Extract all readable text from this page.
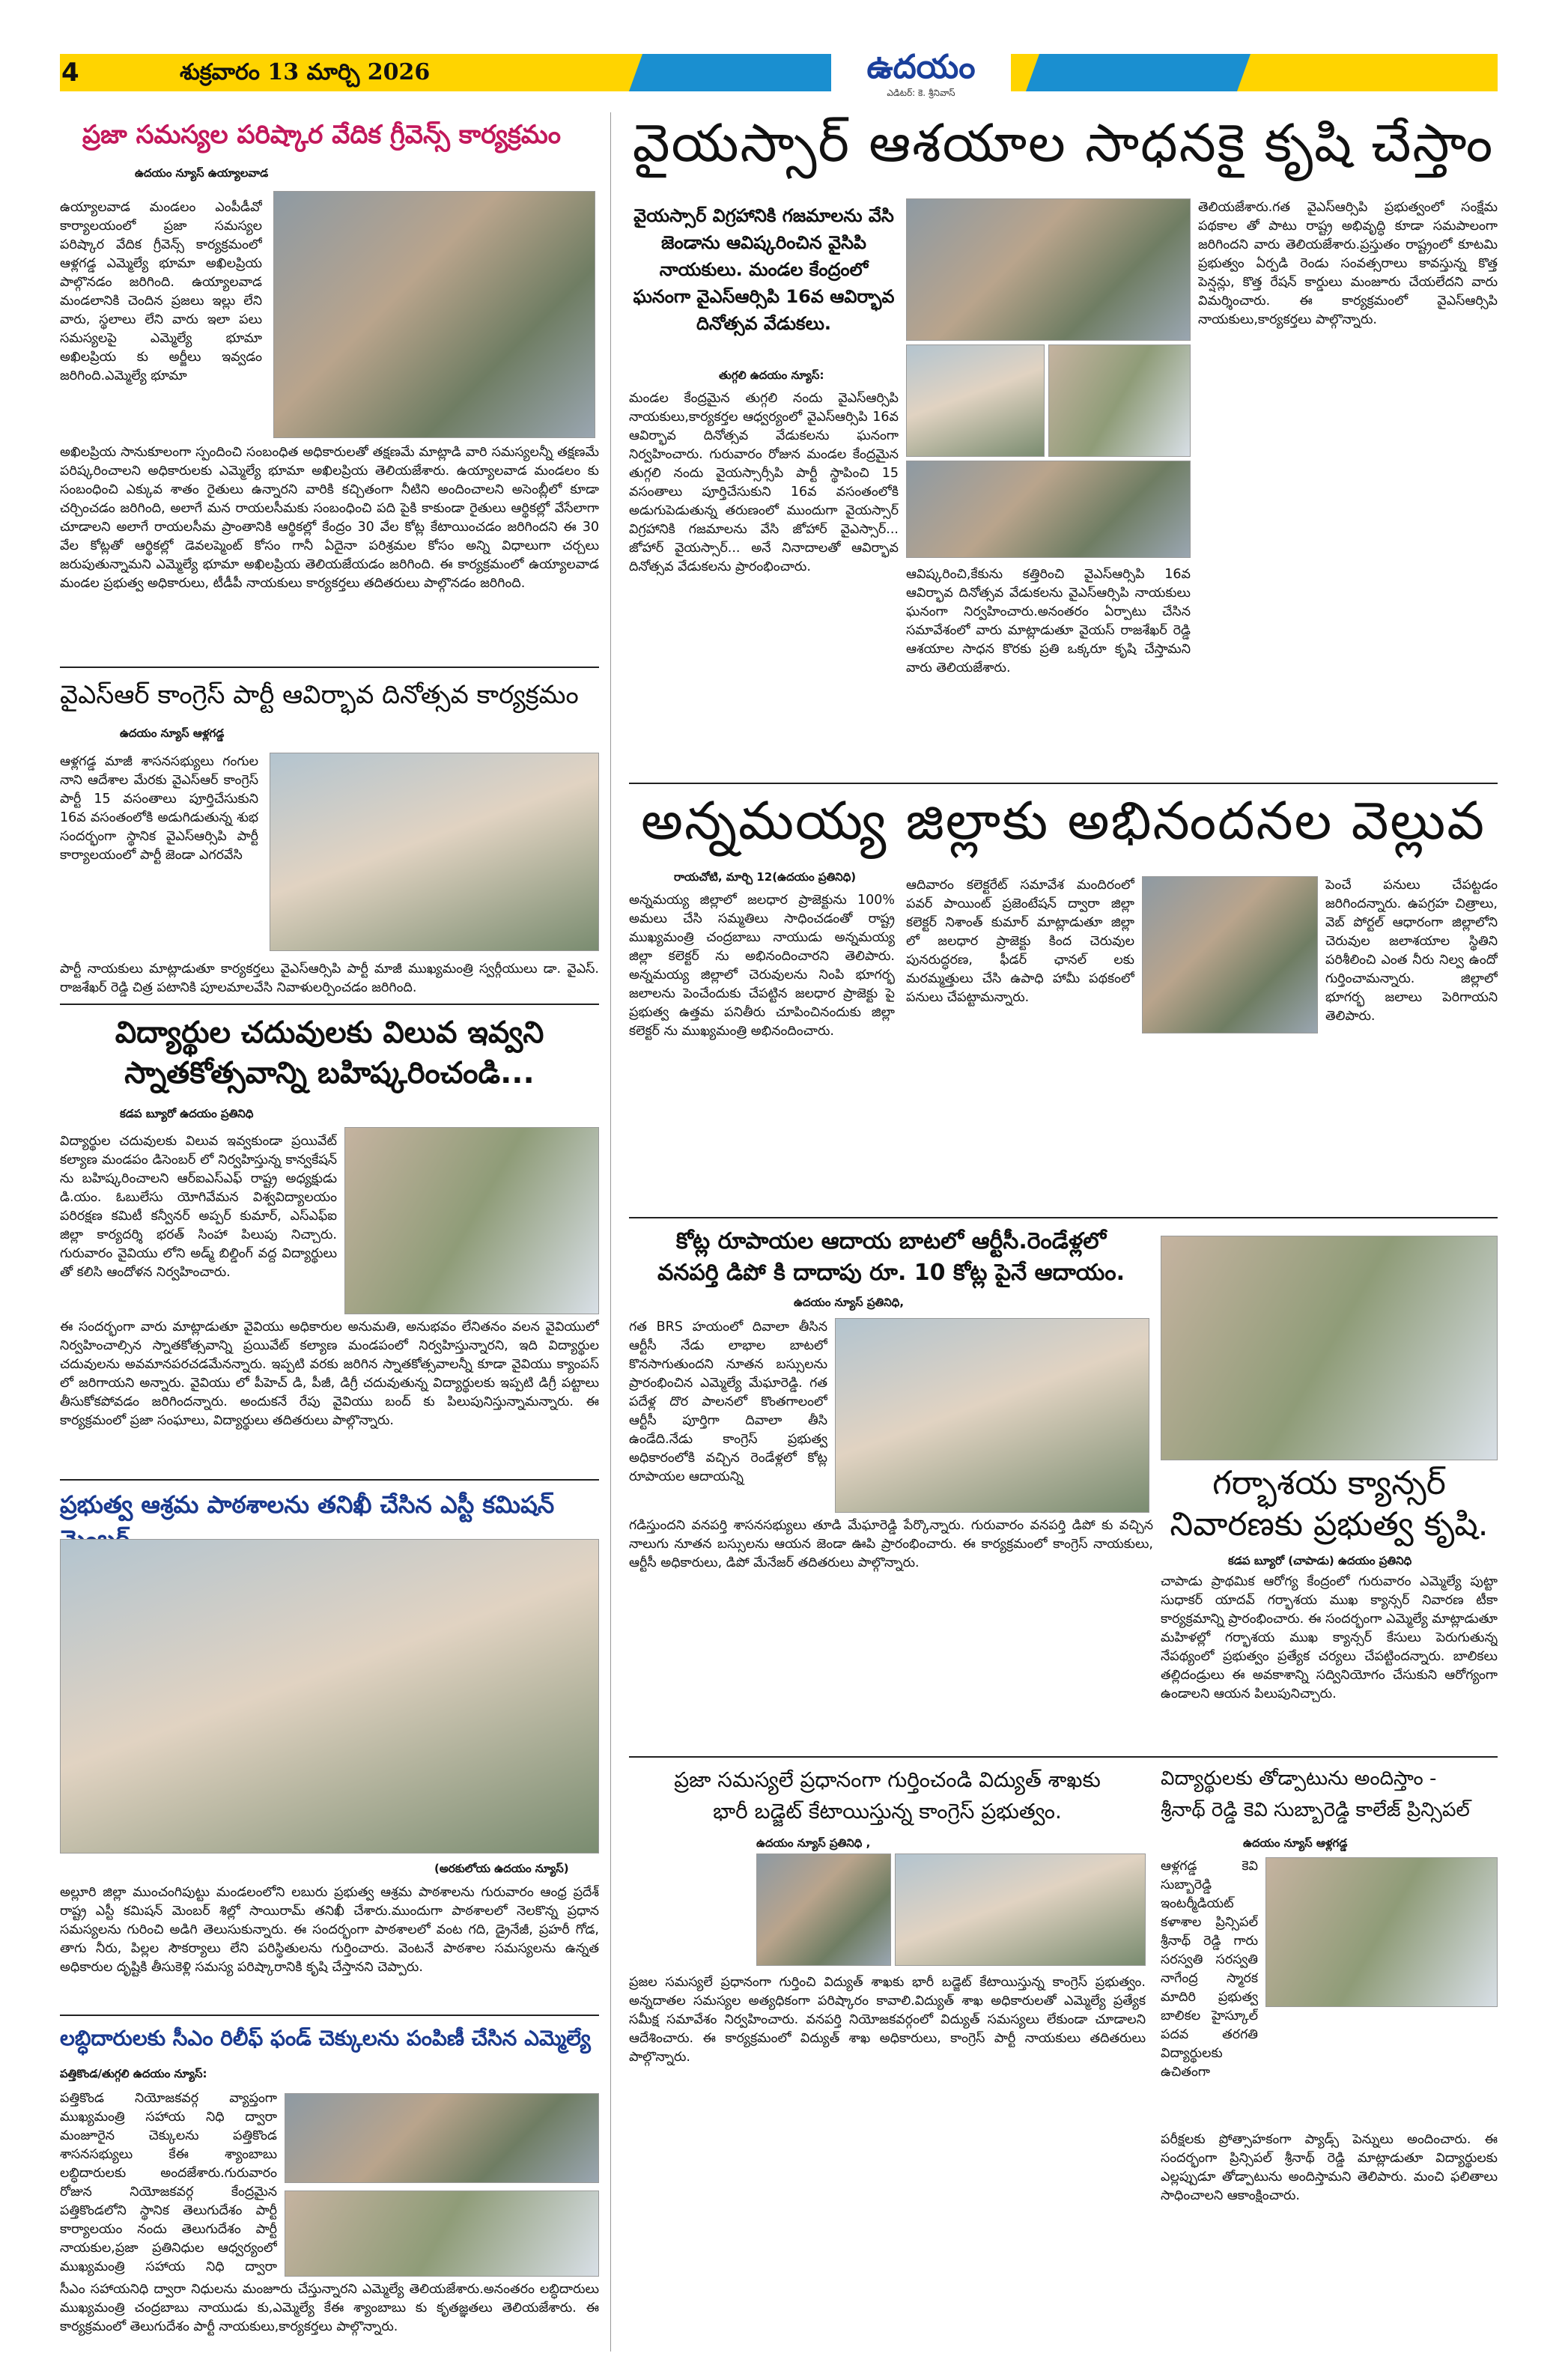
4	శుక్రవారం 13 మార్చి 2026	ఉదయం
ఎడిటర్: కె. శ్రీనివాస్
ప్రజా సమస్యల పరిష్కార వేదిక గ్రీవెన్స్ కార్యక్రమం
ఉదయం న్యూస్ ఉయ్యాలవాడ
ఉయ్యాలవాడ మండలం ఎంపీడీవో కార్యాలయంలో ప్రజా సమస్యల పరిష్కార వేదిక గ్రీవెన్స్ కార్యక్రమంలో ఆళ్లగడ్డ ఎమ్మెల్యే భూమా అఖిలప్రియ పాల్గొనడం జరిగింది. ఉయ్యాలవాడ మండలానికి చెందిన ప్రజలు ఇల్లు లేని వారు, స్థలాలు లేని వారు ఇలా పలు సమస్యలపై ఎమ్మెల్యే భూమా అఖిలప్రియ కు అర్జీలు ఇవ్వడం జరిగింది.ఎమ్మెల్యే భూమా
అఖిలప్రియ సానుకూలంగా స్పందించి సంబంధిత అధికారులతో తక్షణమే మాట్లాడి వారి సమస్యలన్నీ తక్షణమే పరిష్కరించాలని అధికారులకు ఎమ్మెల్యే భూమా అఖిలప్రియ తెలియజేశారు. ఉయ్యాలవాడ మండలం కు సంబంధించి ఎక్కువ శాతం రైతులు ఉన్నారని వారికి కచ్చితంగా నీటిని అందించాలని అసెంబ్లీలో కూడా చర్చించడం జరిగింది, అలాగే మన రాయలసీమకు సంబంధించి పది పైకి కాకుండా రైతులు ఆర్థికల్లో వేసేలాగా చూడాలని అలాగే రాయలసీమ ప్రాంతానికి ఆర్థికల్లో కేంద్రం 30 వేల కోట్ల కేటాయించడం జరిగిందని ఈ 30 వేల కోట్లతో ఆర్థికల్లో డెవలప్మెంట్ కోసం గానీ ఏదైనా పరిశ్రమల కోసం అన్ని విధాలుగా చర్చలు జరుపుతున్నామని ఎమ్మెల్యే భూమా అఖిలప్రియ తెలియజేయడం జరిగింది. ఈ కార్యక్రమంలో ఉయ్యాలవాడ మండల ప్రభుత్వ అధికారులు, టీడీపీ నాయకులు కార్యకర్తలు తదితరులు పాల్గొనడం జరిగింది.
వైఎస్ఆర్ కాంగ్రెస్ పార్టీ ఆవిర్భావ దినోత్సవ కార్యక్రమం
ఉదయం న్యూస్ ఆళ్లగడ్డ
ఆళ్లగడ్డ మాజీ శాసనసభ్యులు గంగుల నాని ఆదేశాల మేరకు వైఎస్ఆర్ కాంగ్రెస్ పార్టీ 15 వసంతాలు పూర్తిచేసుకుని 16వ వసంతంలోకి అడుగిడుతున్న శుభ సందర్భంగా స్థానిక వైఎస్ఆర్సిపి పార్టీ కార్యాలయంలో పార్టీ జెండా ఎగరవేసి
పార్టీ నాయకులు మాట్లాడుతూ కార్యకర్తలు వైఎస్ఆర్సిపి పార్టీ మాజీ ముఖ్యమంత్రి స్వర్గీయులు డా. వైఎస్. రాజశేఖర్ రెడ్డి చిత్ర పటానికి పూలమాలవేసి నివాళులర్పించడం జరిగింది.
విద్యార్థుల చదువులకు విలువ ఇవ్వని
స్నాతకోత్సవాన్ని బహిష్కరించండి...
కడప బ్యూరో ఉదయం ప్రతినిధి
విద్యార్థుల చదువులకు విలువ ఇవ్వకుండా ప్రయివేట్ కల్యాణ మండపం డిసెంబర్ లో నిర్వహిస్తున్న కాన్వకేషన్ ను బహిష్కరించాలని ఆర్ఐఎస్ఎఫ్ రాష్ట్ర అధ్యక్షుడు డి.యం. ఓబులేసు యోగివేమన విశ్వవిద్యాలయం పరిరక్షణ కమిటీ కన్వీనర్ అప్పర్ కుమార్, ఎస్ఎఫ్ఐ జిల్లా కార్యదర్శి భరత్ సింహా పిలుపు నిచ్చారు. గురువారం వైవియు లోని అడ్మ్ బిల్డింగ్ వద్ద విద్యార్థులు తో కలిసి ఆందోళన నిర్వహించారు.
ఈ సందర్భంగా వారు మాట్లాడుతూ వైవియు అధికారుల అనుమతి, అనుభవం లేనితనం వలన వైవియులో నిర్వహించాల్సిన స్నాతకోత్సవాన్ని ప్రయివేట్ కల్యాణ మండపంలో నిర్వహిస్తున్నారని, ఇది విద్యార్థుల చదువులను అవమానపరచడమేనన్నారు. ఇప్పటి వరకు జరిగిన స్నాతకోత్సవాలన్నీ కూడా వైవియు క్యాంపస్ లో జరిగాయని అన్నారు. వైవియు లో పీహెచ్ డి, పీజీ, డిగ్రీ చదువుతున్న విద్యార్థులకు ఇప్పటి డిగ్రీ పట్టాలు తీసుకోకపోవడం జరిగిందన్నారు. అందుకనే రేపు వైవియు బంద్ కు పిలుపునిస్తున్నామన్నారు. ఈ కార్యక్రమంలో ప్రజా సంఘాలు, విద్యార్థులు తదితరులు పాల్గొన్నారు.
ప్రభుత్వ ఆశ్రమ పాఠశాలను తనిఖీ చేసిన ఎస్టీ కమిషన్
(అరకులోయ ఉదయం న్యూస్)
అల్లూరి జిల్లా ముంచంగిపుట్టు మండలంలోని లబురు ప్రభుత్వ ఆశ్రమ పాఠశాలను గురువారం ఆంధ్ర ప్రదేశ్ రాష్ట్ర ఎస్టీ కమిషన్ మెంబర్ శిల్లో సాయిరామ్ తనిఖీ చేశారు.ముందుగా పాఠశాలలో నెలకొన్న ప్రధాన సమస్యలను గురించి అడిగి తెలుసుకున్నారు. ఈ సందర్భంగా పాఠశాలలో వంట గది, డ్రైనేజీ, ప్రహరీ గోడ, తాగు నీరు, పిల్లల సౌకర్యాలు లేని పరిస్థితులను గుర్తించారు. వెంటనే పాఠశాల సమస్యలను ఉన్నత అధికారుల దృష్టికి తీసుకెళ్లి సమస్య పరిష్కారానికి కృషి చేస్తానని చెప్పారు.
లబ్ధిదారులకు సీఎం రిలీఫ్ ఫండ్ చెక్కులను పంపిణీ చేసిన ఎమ్మెల్యే
పత్తికొండ/తుగ్గలి ఉదయం న్యూస్:
పత్తికొండ నియోజకవర్గ వ్యాప్తంగా ముఖ్యమంత్రి సహాయ నిధి ద్వారా మంజూరైన చెక్కులను పత్తికొండ శాసనసభ్యులు కేఈ శ్యాంబాబు లబ్ధిదారులకు అందజేశారు.గురువారం రోజున నియోజకవర్గ కేంద్రమైన పత్తికొండలోని స్థానిక తెలుగుదేశం పార్టీ కార్యాలయం నందు తెలుగుదేశం పార్టీ నాయకుల,ప్రజా ప్రతినిధుల ఆధ్వర్యంలో ముఖ్యమంత్రి సహాయ నిధి ద్వారా
సీఎం సహాయనిధి ద్వారా నిధులను మంజూరు చేస్తున్నారని ఎమ్మెల్యే తెలియజేశారు.అనంతరం లబ్ధిదారులు ముఖ్యమంత్రి చంద్రబాబు నాయుడు కు,ఎమ్మెల్యే కేఈ శ్యాంబాబు కు కృతజ్ఞతలు తెలియజేశారు. ఈ కార్యక్రమంలో తెలుగుదేశం పార్టీ నాయకులు,కార్యకర్తలు పాల్గొన్నారు.
వైయస్సార్ ఆశయాల సాధనకై కృషి చేస్తాం
వైయస్సార్ విగ్రహానికి గజమాలను వేసి జెండాను ఆవిష్కరించిన వైసిపి నాయకులు. మండల కేంద్రంలో ఘనంగా వైఎస్ఆర్సిపి 16వ ఆవిర్భావ దినోత్సవ వేడుకలు.
తుగ్గలి ఉదయం న్యూస్:
మండల కేంద్రమైన తుగ్గలి నందు వైఎస్ఆర్సిపి నాయకులు,కార్యకర్తల ఆధ్వర్యంలో వైఎస్ఆర్సిపి 16వ ఆవిర్భావ దినోత్సవ వేడుకలను ఘనంగా నిర్వహించారు. గురువారం రోజున మండల కేంద్రమైన తుగ్గలి నందు వైయస్సార్సీపి పార్టీ స్థాపించి 15 వసంతాలు పూర్తిచేసుకుని 16వ వసంతంలోకి అడుగుపెడుతున్న తరుణంలో ముందుగా వైయస్సార్ విగ్రహానికి గజమాలను వేసి జోహార్ వైఎస్సార్... జోహార్ వైయస్సార్... అనే నినాదాలతో ఆవిర్భావ దినోత్సవ వేడుకలను ప్రారంభించారు.	ఆవిష్కరించి,కేకును కత్తిరించి వైఎస్ఆర్సిపి 16వ ఆవిర్భావ దినోత్సవ వేడుకలను వైఎస్ఆర్సిపి నాయకులు ఘనంగా నిర్వహించారు.అనంతరం ఏర్పాటు చేసిన సమావేశంలో వారు మాట్లాడుతూ వైయస్ రాజశేఖర్ రెడ్డి ఆశయాల సాధన కొరకు ప్రతి ఒక్కరూ కృషి చేస్తామని వారు తెలియజేశారు.
తెలియజేశారు.గత వైఎస్ఆర్సిపి ప్రభుత్వంలో సంక్షేమ పథకాల తో పాటు రాష్ట్ర అభివృద్ధి కూడా సమపాలంగా జరిగిందని వారు తెలియజేశారు.ప్రస్తుతం రాష్ట్రంలో కూటమి ప్రభుత్వం ఏర్పడి రెండు సంవత్సరాలు కావస్తున్న కొత్త పెన్షన్లు, కొత్త రేషన్ కార్డులు మంజూరు చేయలేదని వారు విమర్శించారు. ఈ కార్యక్రమంలో వైఎస్ఆర్సిపి నాయకులు,కార్యకర్తలు పాల్గొన్నారు.
అన్నమయ్య జిల్లాకు అభినందనల వెల్లువ
రాయచోటి, మార్చి 12(ఉదయం ప్రతినిధి)
అన్నమయ్య జిల్లాలో జలధార ప్రాజెక్టును 100% అమలు చేసి సమ్మతిలు సాధించడంతో రాష్ట్ర ముఖ్యమంత్రి చంద్రబాబు నాయుడు అన్నమయ్య జిల్లా కలెక్టర్ ను అభినందించారని తెలిపారు. అన్నమయ్య జిల్లాలో చెరువులను నింపి భూగర్భ జలాలను పెంచేందుకు చేపట్టిన జలధార ప్రాజెక్టు పై ప్రభుత్వ ఉత్తమ పనితీరు చూపించినందుకు జిల్లా కలెక్టర్ ను ముఖ్యమంత్రి అభినందించారు.
ఆదివారం కలెక్టరేట్ సమావేశ మందిరంలో పవర్ పాయింట్ ప్రజెంటేషన్ ద్వారా జిల్లా కలెక్టర్ నిశాంత్ కుమార్ మాట్లాడుతూ జిల్లా లో జలధార ప్రాజెక్టు కింద చెరువుల పునరుద్ధరణ, ఫీడర్ ఛానల్ లకు మరమ్మత్తులు చేసి ఉపాధి హామీ పథకంలో పనులు చేపట్టామన్నారు.
పెంచే పనులు చేపట్టడం జరిగిందన్నారు. ఉపగ్రహ చిత్రాలు, వెబ్ పోర్టల్ ఆధారంగా జిల్లాలోని చెరువుల జలాశయాల స్థితిని పరిశీలించి ఎంత నీరు నిల్వ ఉందో గుర్తించామన్నారు. జిల్లాలో భూగర్భ జలాలు పెరిగాయని తెలిపారు.
కోట్ల రూపాయల ఆదాయ బాటలో ఆర్టీసీ.రెండేళ్లలో
వనపర్తి డిపో కి దాదాపు రూ. 10 కోట్ల పైనే ఆదాయం.
ఉదయం న్యూస్ ప్రతినిధి,
గత BRS హయంలో దివాలా తీసిన ఆర్టీసీ నేడు లాభాల బాటలో కొనసాగుతుందని నూతన బస్సులను ప్రారంభించిన ఎమ్మెల్యే మేఘారెడ్డి. గత పదేళ్ల దొర పాలనలో కొంతగాలంలో ఆర్టీసీ పూర్తిగా దివాలా తీసి ఉండేది.నేడు కాంగ్రెస్ ప్రభుత్వ అధికారంలోకి వచ్చిన రెండేళ్లలో కోట్ల రూపాయల ఆదాయన్ని
గడిస్తుందని వనపర్తి శాసనసభ్యులు తూడి మేఘారెడ్డి పేర్కొన్నారు. గురువారం వనపర్తి డిపో కు వచ్చిన నాలుగు నూతన బస్సులను ఆయన జెండా ఊపి ప్రారంభించారు. ఈ కార్యక్రమంలో కాంగ్రెస్ నాయకులు, ఆర్టీసీ అధికారులు, డిపో మేనేజర్ తదితరులు పాల్గొన్నారు.
గర్భాశయ క్యాన్సర్
నివారణకు ప్రభుత్వ కృషి.
కడప బ్యూరో (చాపాడు) ఉదయం ప్రతినిధి
చాపాడు ప్రాథమిక ఆరోగ్య కేంద్రంలో గురువారం ఎమ్మెల్యే పుట్టా సుధాకర్ యాదవ్ గర్భాశయ ముఖ క్యాన్సర్ నివారణ టీకా కార్యక్రమాన్ని ప్రారంభించారు. ఈ సందర్భంగా ఎమ్మెల్యే మాట్లాడుతూ మహిళల్లో గర్భాశయ ముఖ క్యాన్సర్ కేసులు పెరుగుతున్న నేపథ్యంలో ప్రభుత్వం ప్రత్యేక చర్యలు చేపట్టిందన్నారు. బాలికలు తల్లిదండ్రులు ఈ అవకాశాన్ని సద్వినియోగం చేసుకుని ఆరోగ్యంగా ఉండాలని ఆయన పిలుపునిచ్చారు.
ప్రజా సమస్యలే ప్రధానంగా గుర్తించండి విద్యుత్ శాఖకు
భారీ బడ్జెట్ కేటాయిస్తున్న కాంగ్రెస్ ప్రభుత్వం.
ఉదయం న్యూస్ ప్రతినిధి ,
ప్రజల సమస్యలే ప్రధానంగా గుర్తించి విద్యుత్ శాఖకు భారీ బడ్జెట్ కేటాయిస్తున్న కాంగ్రెస్ ప్రభుత్వం. అన్నదాతల సమస్యల అత్యధికంగా పరిష్కారం కావాలి.విద్యుత్ శాఖ అధికారులతో ఎమ్మెల్యే ప్రత్యేక సమీక్ష సమావేశం నిర్వహించారు. వనపర్తి నియోజకవర్గంలో విద్యుత్ సమస్యలు లేకుండా చూడాలని ఆదేశించారు. ఈ కార్యక్రమంలో విద్యుత్ శాఖ అధికారులు, కాంగ్రెస్ పార్టీ నాయకులు తదితరులు పాల్గొన్నారు.
విద్యార్థులకు తోడ్పాటును అందిస్తాం -
శ్రీనాథ్ రెడ్డి కెవి సుబ్బారెడ్డి కాలేజ్ ప్రిన్సిపల్
ఉదయం న్యూస్ ఆళ్లగడ్డ
ఆళ్లగడ్డ కెవి సుబ్బారెడ్డి ఇంటర్మీడియట్ కళాశాల ప్రిన్సిపల్ శ్రీనాథ్ రెడ్డి గారు సరస్వతి సరస్వతి నాగేంద్ర స్మారక మాదిరి ప్రభుత్వ బాలికల హైస్కూల్ పదవ తరగతి విద్యార్థులకు ఉచితంగా
పరీక్షలకు ప్రోత్సాహకంగా ప్యాడ్స్ పెన్నులు అందించారు. ఈ సందర్భంగా ప్రిన్సిపల్ శ్రీనాథ్ రెడ్డి మాట్లాడుతూ విద్యార్థులకు ఎల్లప్పుడూ తోడ్పాటును అందిస్తామని తెలిపారు. మంచి ఫలితాలు సాధించాలని ఆకాంక్షించారు.
